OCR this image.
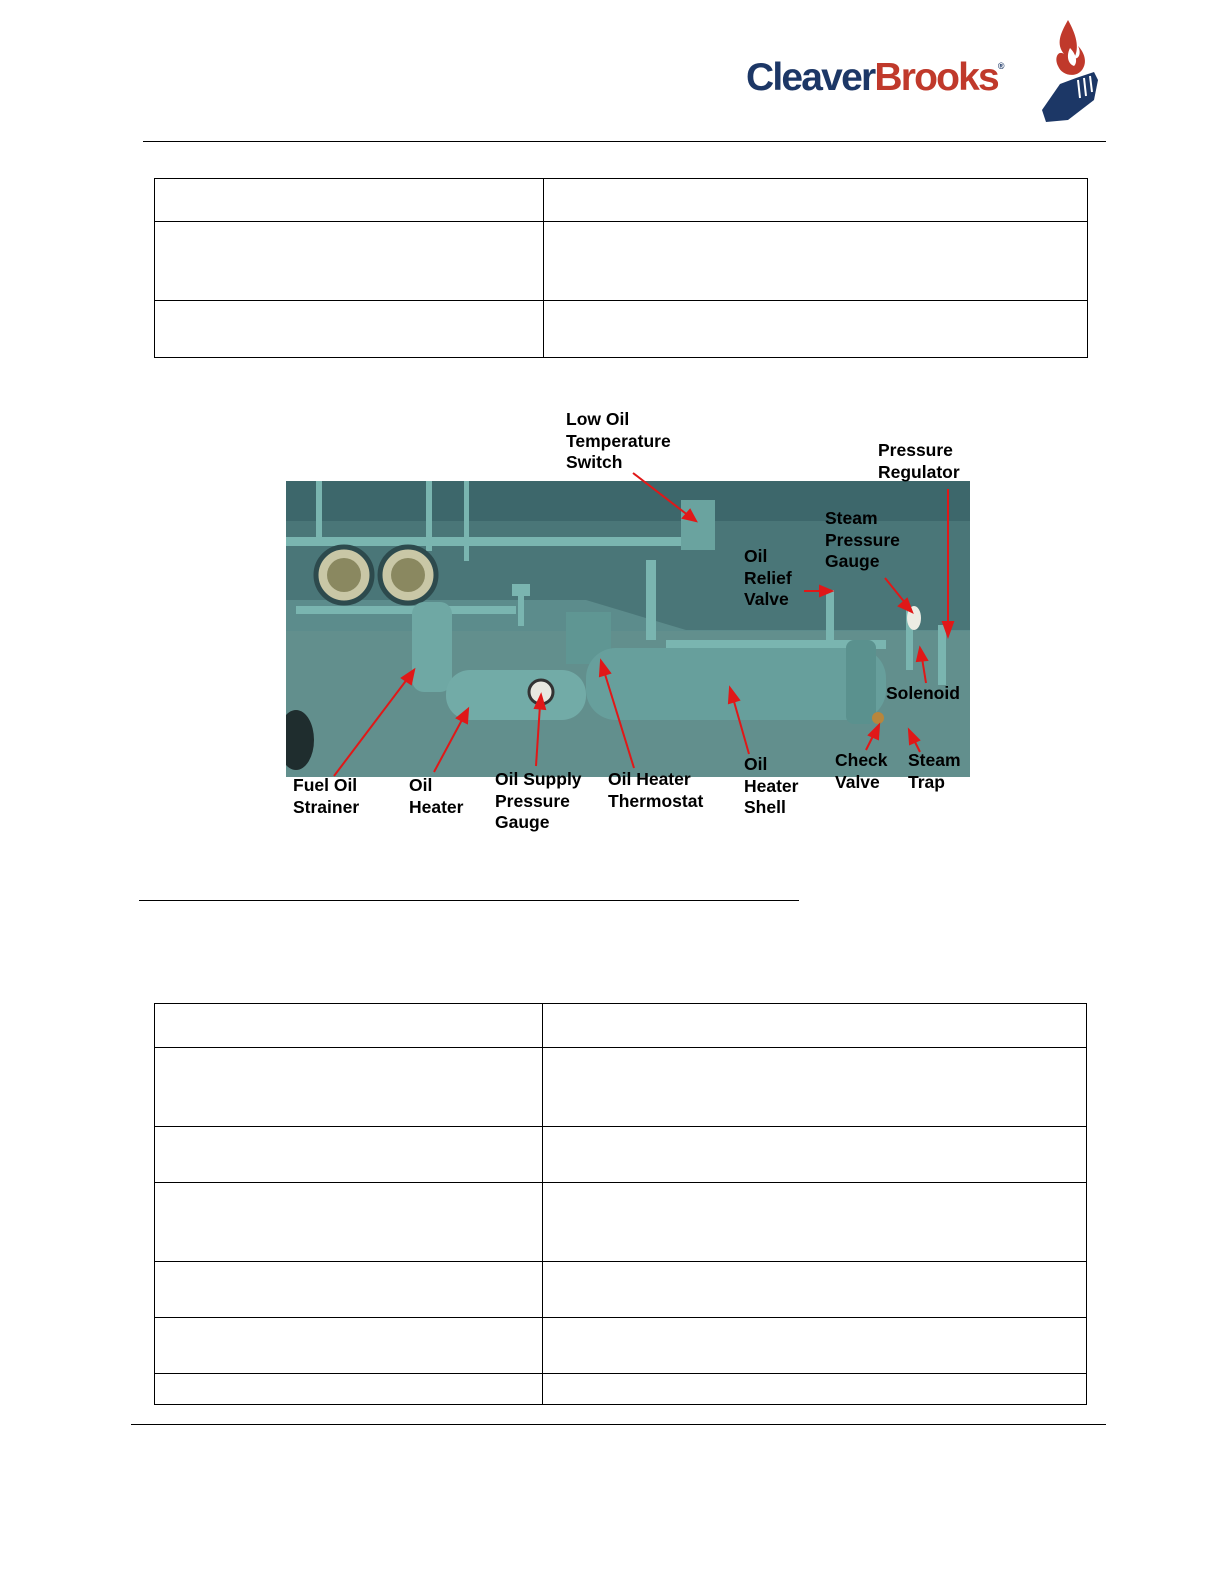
CleaverBrooks®

Low Oil
Temperature
Switch
Pressure
Regulator
Steam
Pressure
Gauge
Oil
Relief
Valve
Solenoid
Fuel Oil
Strainer
Oil
Heater
Oil Supply
Pressure
Gauge
Oil Heater
Thermostat
Oil
Heater
Shell
Check
Valve
Steam
Trap
